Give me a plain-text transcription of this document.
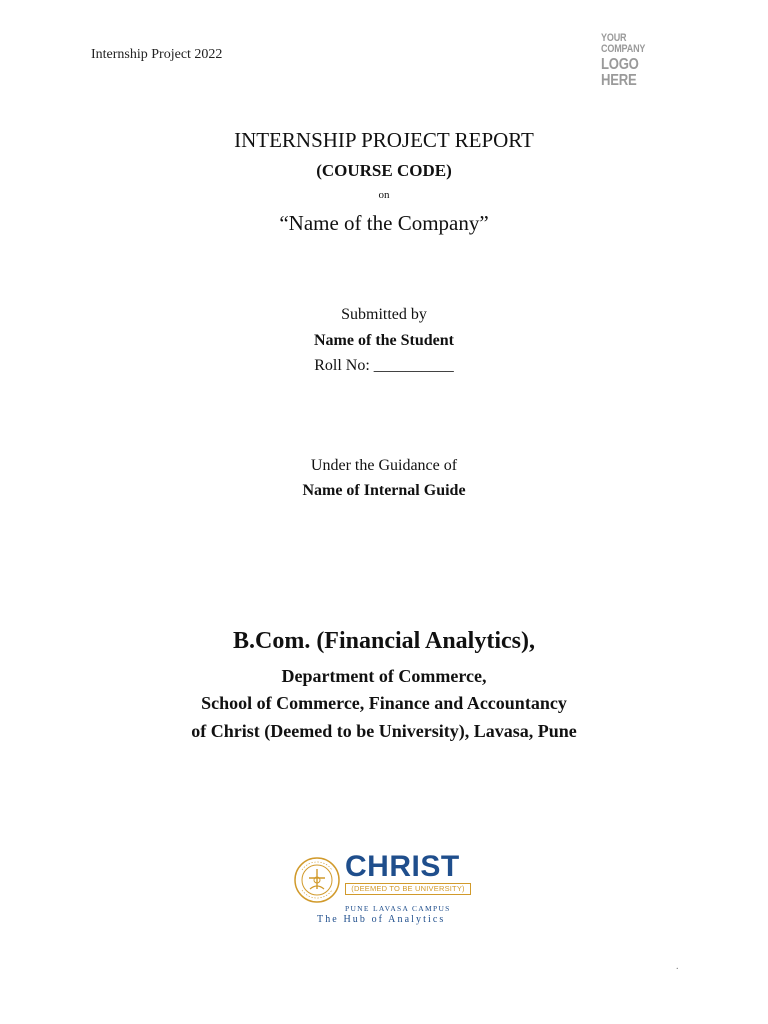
Internship Project 2022
YOUR COMPANY
LOGO HERE
INTERNSHIP PROJECT REPORT
(COURSE CODE)
on
“Name of the Company”
Submitted by
Name of the Student
Roll No: __________
Under the Guidance of
Name of Internal Guide
B.Com. (Financial Analytics),
Department of Commerce,
School of Commerce, Finance and Accountancy
of Christ (Deemed to be University), Lavasa, Pune
CHRIST
(DEEMED TO BE UNIVERSITY)
PUNE LAVASA CAMPUS
The Hub of Analytics
.
